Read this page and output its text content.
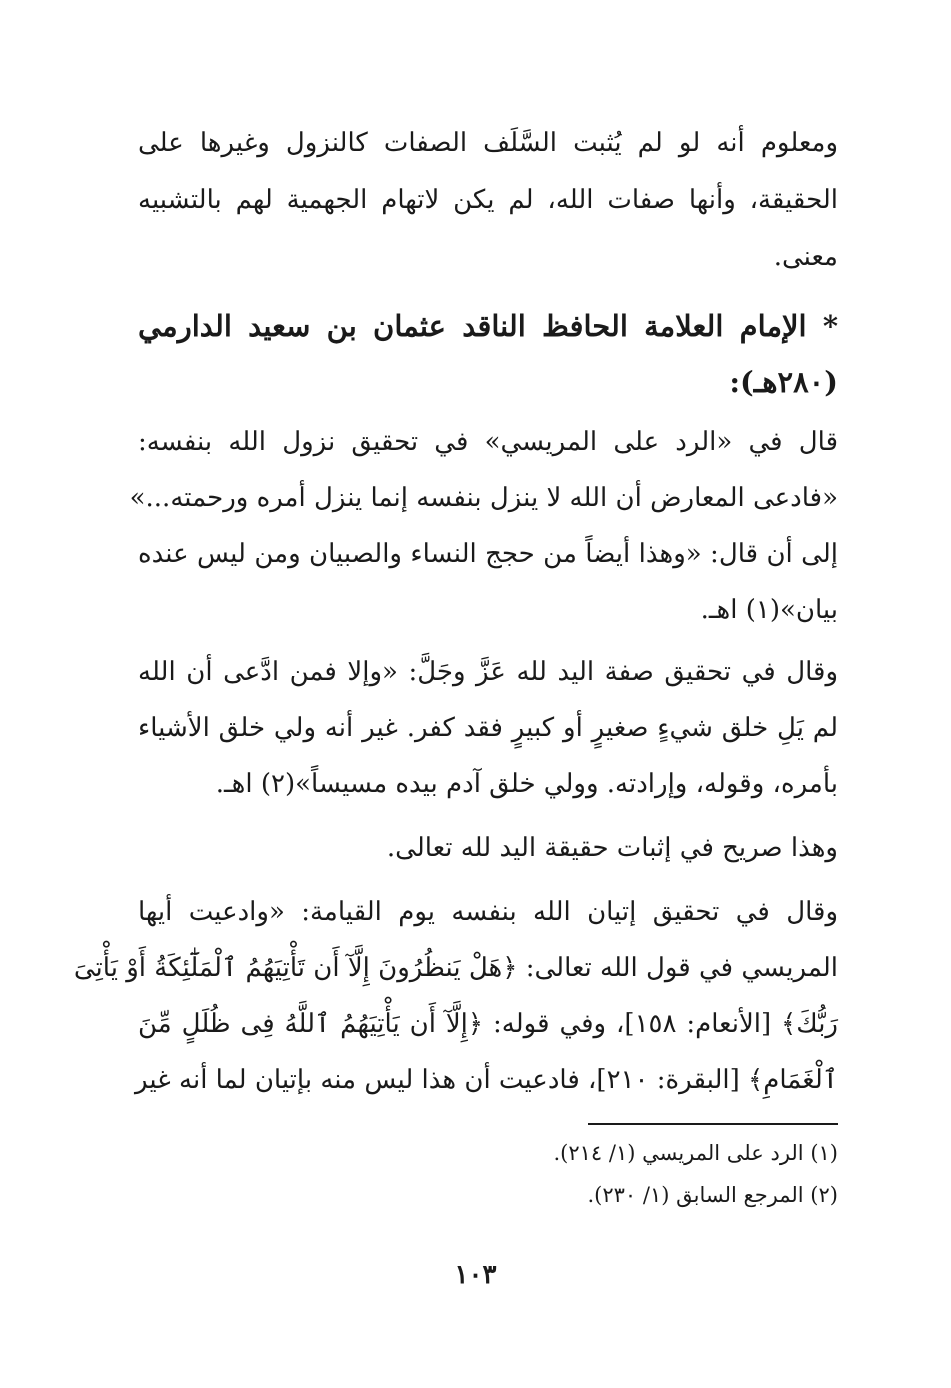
ومعلوم أنه لو لم يُثبت السَّلَف الصفات كالنزول وغيرها على
الحقيقة، وأنها صفات الله، لم يكن لاتهام الجهمية لهم بالتشبيه
معنى.
* الإمام العلامة الحافظ الناقد عثمان بن سعيد الدارمي
(٢٨٠هـ):
قال في «الرد على المريسي» في تحقيق نزول الله بنفسه:
«فادعى المعارض أن الله لا ينزل بنفسه إنما ينزل أمره ورحمته...»
إلى أن قال: «وهذا أيضاً من حجج النساء والصبيان ومن ليس عنده
بيان»(١) اهـ.
وقال في تحقيق صفة اليد لله عَزَّ وجَلَّ: «وإلا فمن ادَّعى أن الله
لم يَلِ خلق شيءٍ صغيرٍ أو كبيرٍ فقد كفر. غير أنه ولي خلق الأشياء
بأمره، وقوله، وإرادته. وولي خلق آدم بيده مسيساً»(٢) اهـ.
وهذا صريح في إثبات حقيقة اليد لله تعالى.
وقال في تحقيق إتيان الله بنفسه يوم القيامة: «وادعيت أيها
المريسي في قول الله تعالى: ﴿هَلْ يَنظُرُونَ إِلَّآ أَن تَأْتِيَهُمُ ٱلْمَلَٰٓئِكَةُ أَوْ يَأْتِىَ
رَبُّكَ﴾ [الأنعام: ١٥٨]، وفي قوله: ﴿إِلَّآ أَن يَأْتِيَهُمُ ٱللَّهُ فِى ظُلَلٍ مِّنَ
ٱلْغَمَامِ﴾ [البقرة: ٢١٠]، فادعيت أن هذا ليس منه بإتيان لما أنه غير
(١) الرد على المريسي (١/ ٢١٤).
(٢) المرجع السابق (١/ ٢٣٠).
١٠٣
